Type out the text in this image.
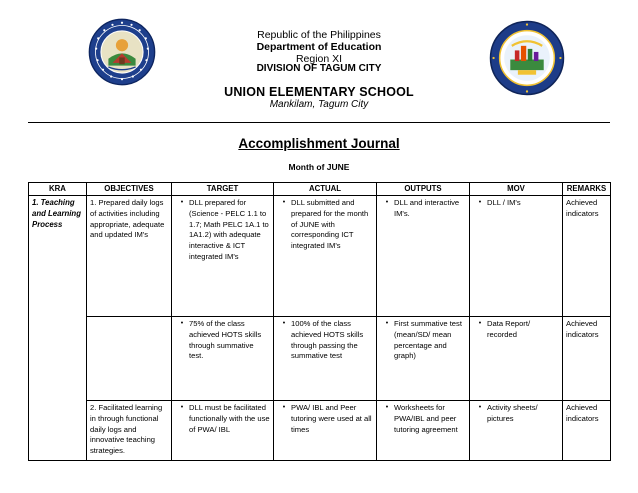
Republic of the Philippines
Department of Education
Region XI
DIVISION OF TAGUM CITY
UNION ELEMENTARY SCHOOL
Mankilam, Tagum City
Accomplishment Journal
Month of JUNE
KRA	OBJECTIVES	TARGET	ACTUAL	OUTPUTS	MOV	REMARKS
1. Teaching and Learning Process	1. Prepared daily logs of activities including appropriate, adequate and updated IM's	• DLL prepared for (Science - PELC 1.1 to 1.7; Math PELC 1A.1 to 1A1.2) with adequate interactive & ICT integrated IM's	• DLL submitted and prepared for the month of JUNE with corresponding ICT integrated IM's	• DLL and interactive IM's.	• DLL / IM's	Achieved indicators

		• 75% of the class achieved HOTS skills through summative test.	• 100% of the class achieved HOTS skills through passing the summative test	• First summative test (mean/SD/ mean percentage and graph)	• Data Report/ recorded	Achieved indicators
	2. Facilitated learning in through functional daily logs and innovative teaching strategies.	• DLL must be facilitated functionally with the use of PWA/ IBL	• PWA/ IBL and Peer tutoring were used at all times	• Worksheets for PWA/IBL and peer tutoring agreement	• Activity sheets/ pictures	Achieved indicators
